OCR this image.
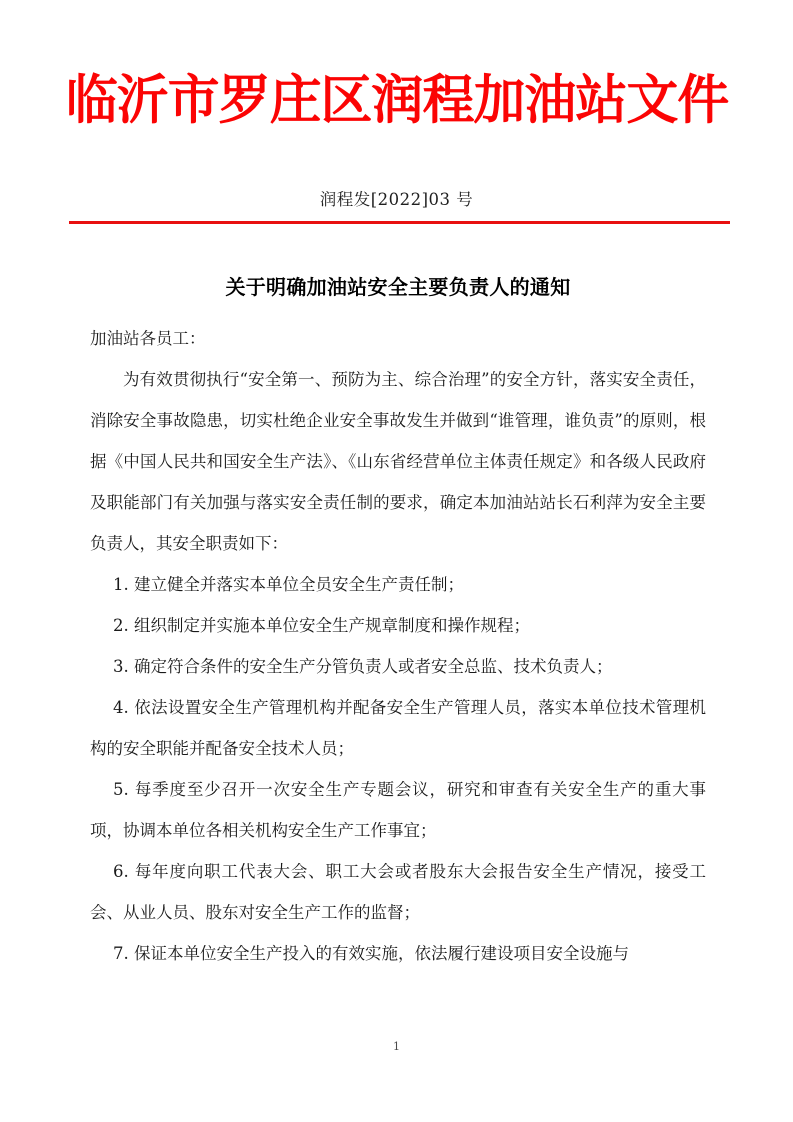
临沂市罗庄区润程加油站文件
润程发[2022]03 号
关于明确加油站安全主要负责人的通知

加油站各员工：

为有效贯彻执行“安全第一、预防为主、综合治理”的安全方针，落实安全责任，消除安全事故隐患，切实杜绝企业安全事故发生并做到“谁管理，谁负责”的原则，根据《中国人民共和国安全生产法》、《山东省经营单位主体责任规定》和各级人民政府及职能部门有关加强与落实安全责任制的要求，确定本加油站站长石利萍为安全主要负责人，其安全职责如下：

1. 建立健全并落实本单位全员安全生产责任制；
2. 组织制定并实施本单位安全生产规章制度和操作规程；
3. 确定符合条件的安全生产分管负责人或者安全总监、技术负责人；
4. 依法设置安全生产管理机构并配备安全生产管理人员，落实本单位技术管理机构的安全职能并配备安全技术人员；
5. 每季度至少召开一次安全生产专题会议，研究和审查有关安全生产的重大事项，协调本单位各相关机构安全生产工作事宜；
6. 每年度向职工代表大会、职工大会或者股东大会报告安全生产情况，接受工会、从业人员、股东对安全生产工作的监督；
7. 保证本单位安全生产投入的有效实施，依法履行建设项目安全设施与
1
